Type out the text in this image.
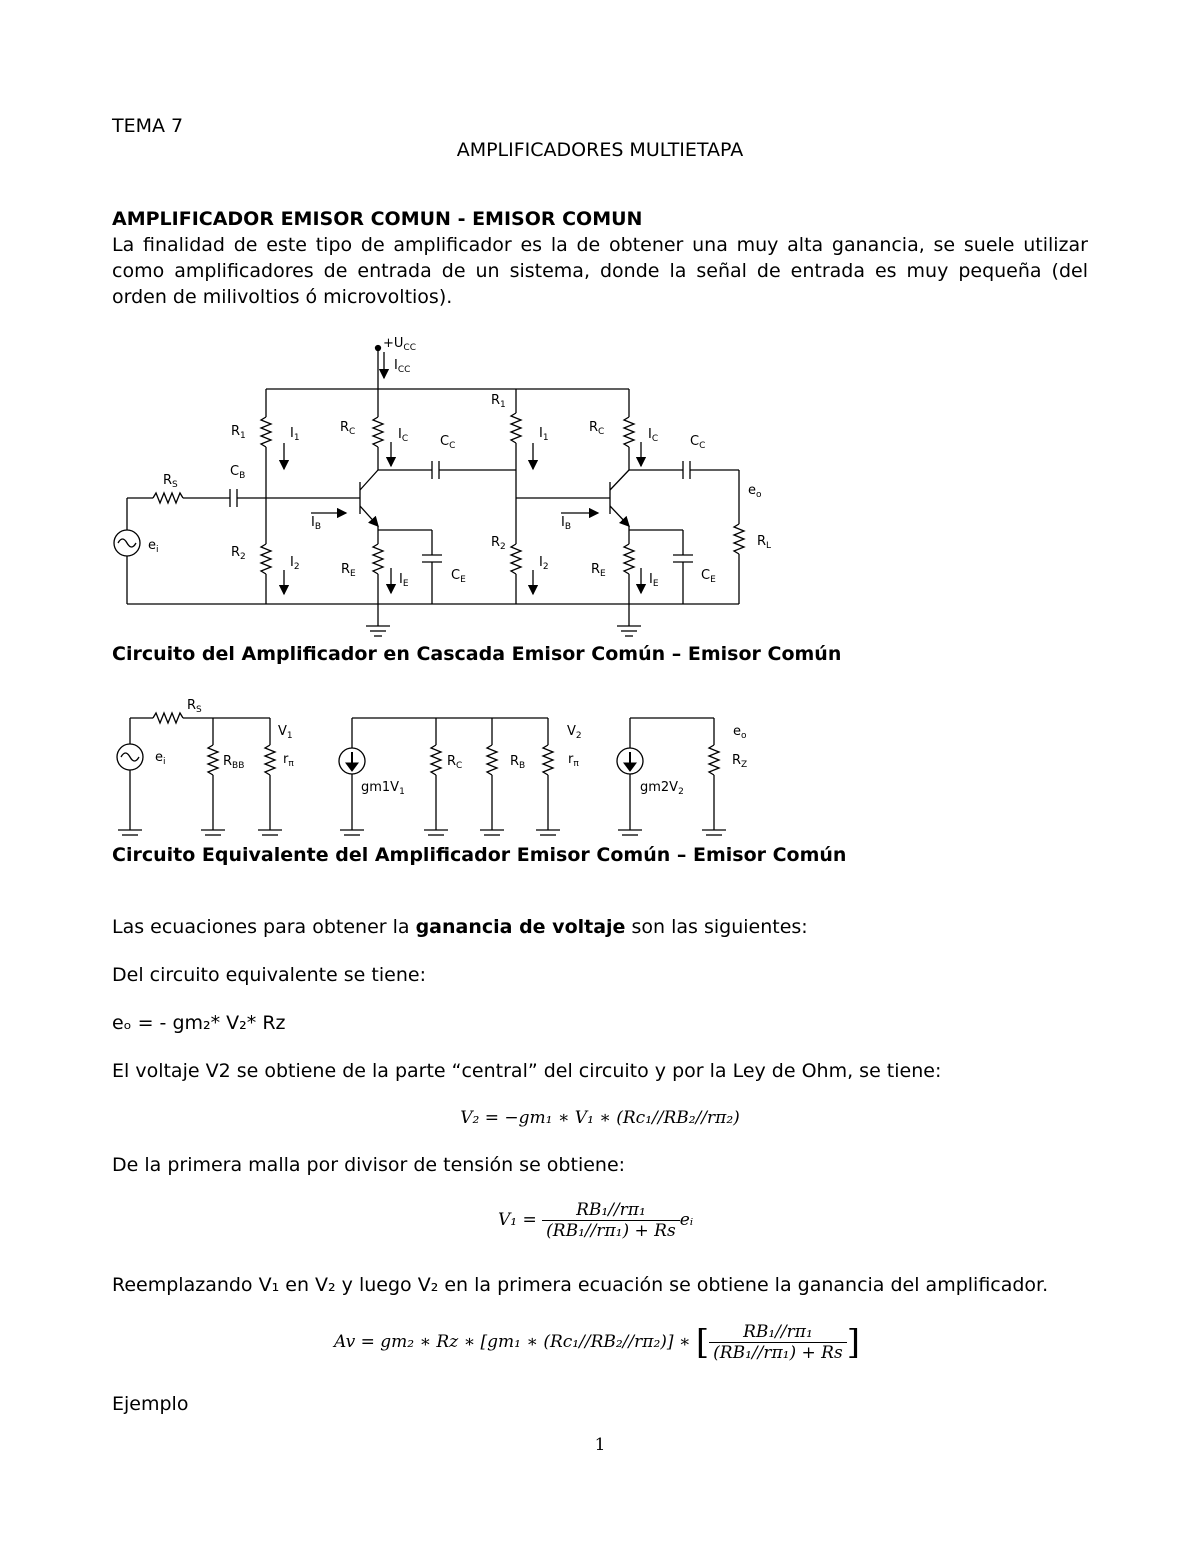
TEMA 7
AMPLIFICADORES MULTIETAPA
AMPLIFICADOR EMISOR COMUN - EMISOR COMUN
La finalidad de este tipo de amplificador es la de obtener una muy alta ganancia, se suele utilizar
como amplificadores de entrada de un sistema, donde la señal de entrada es muy pequeña (del
orden de milivoltios ó microvoltios).
$+U_{CC}$
$I_{CC}$
$R_1$	$I_1$
$R_C$	$I_C$ $C_C$
$C_B$
$R_S$
$e_i$
$I_B$
$R_2$	$I_2$	$R_E$	$I_E$
$C_E$
$R_1$
$I_1$
$R_C$	$I_C$ $C_C$
$I_B$
$R_2$
$I_2$	$R_E$	$I_E$
$C_E$
$e_o$
$R_L$
Circuito del Amplificador en Cascada Emisor Común – Emisor Común
$R_S$
$V_1$
$e_i$	$R_{BB}$	$r_\pi$
$gm1V_1$
$R_C$	$R_B$
$V_2$
$r_\pi$
$gm2V_2$
$e_o$
$R_Z$
Circuito Equivalente del Amplificador Emisor Común – Emisor Común
Las ecuaciones para obtener la ganancia de voltaje son las siguientes:
Del circuito equivalente se tiene:
eₒ = - gm₂* V₂* Rz
El voltaje V2 se obtiene de la parte “central” del circuito y por la Ley de Ohm, se tiene:
V₂ = −gm₁ ∗ V₁ ∗ (Rc₁//RB₂//rπ₂)
De la primera malla por divisor de tensión se obtiene:
$V_1 = \frac{\text{RB₁//rπ₁}}{\text{(RB₁//rπ₁) + Rs}}$ eᵢ
Reemplazando V₁ en V₂ y luego V₂ en la primera ecuación se obtiene la ganancia del amplificador.
Av = gm₂ ∗ Rz ∗ [gm₁ ∗ (Rc₁//RB₂//rπ₂)] ∗ [ $\frac{\text{RB₁//rπ₁}}{\text{(RB₁//rπ₁) + Rs}}$ ]
Ejemplo
1
